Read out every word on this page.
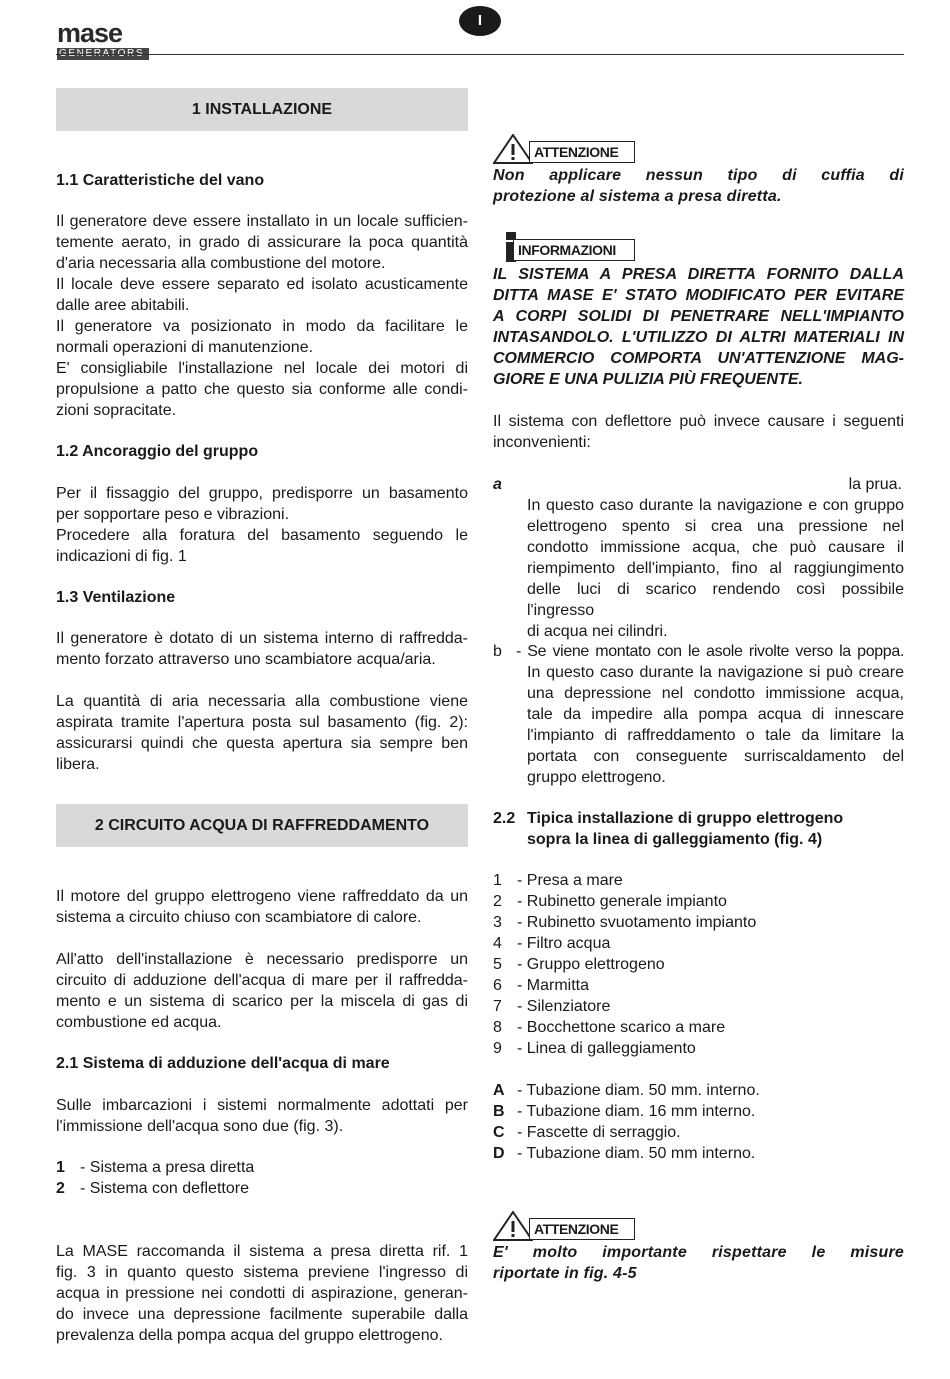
mase
GENERATORS
I
1 INSTALLAZIONE
1.1 Caratteristiche del vano
Il generatore deve essere installato in un locale sufficien-
temente aerato, in grado di assicurare la poca quantità
d'aria necessaria alla combustione del motore.
Il locale deve essere separato ed isolato acusticamente
dalle aree abitabili.
Il generatore va posizionato in modo da facilitare le
normali operazioni di manutenzione.
E' consigliabile l'installazione nel locale dei motori di
propulsione a patto che questo sia conforme alle condi-
zioni sopracitate.
1.2 Ancoraggio del gruppo
Per il fissaggio del gruppo, predisporre un basamento
per sopportare peso e vibrazioni.
Procedere alla foratura del basamento seguendo le
indicazioni di fig. 1
1.3 Ventilazione
Il generatore è dotato di un sistema interno di raffredda-
mento forzato attraverso uno scambiatore acqua/aria.
La quantità di aria necessaria alla combustione viene
aspirata tramite l'apertura posta sul basamento (fig. 2):
assicurarsi quindi che questa apertura sia sempre ben
libera.
2 CIRCUITO ACQUA DI RAFFREDDAMENTO
Il motore del gruppo elettrogeno viene raffreddato da un
sistema a circuito chiuso con scambiatore di calore.
All'atto dell'installazione è necessario predisporre un
circuito di adduzione dell'acqua di mare per il raffredda-
mento e un sistema di scarico per la miscela di gas di
combustione ed acqua.
2.1 Sistema di adduzione dell'acqua di mare
Sulle imbarcazioni i sistemi normalmente adottati per
l'immissione dell'acqua sono due (fig. 3).
1 - Sistema a presa diretta
2 - Sistema con deflettore
La MASE raccomanda il sistema a presa diretta rif. 1
fig. 3 in quanto questo sistema previene l'ingresso di
acqua in pressione nei condotti di aspirazione, generan-
do invece una depressione facilmente superabile dalla
prevalenza della pompa acqua del gruppo elettrogeno.
ATTENZIONE
Non applicare nessun tipo di cuffia di
protezione al sistema a presa diretta.
INFORMAZIONI
IL SISTEMA A PRESA DIRETTA FORNITO DALLA
DITTA MASE E' STATO MODIFICATO PER EVITARE
A CORPI SOLIDI DI PENETRARE NELL'IMPIANTO
INTASANDOLO. L'UTILIZZO DI ALTRI MATERIALI IN
COMMERCIO COMPORTA UN'ATTENZIONE MAG-
GIORE E UNA PULIZIA PIÙ FREQUENTE.
Il sistema con deflettore può invece causare i seguenti
inconvenienti:
a	la prua.
In questo caso durante la navigazione e con gruppo
elettrogeno spento si crea una pressione nel
condotto immissione acqua, che può causare il
riempimento dell'impianto, fino al raggiungimento
delle luci di scarico rendendo così possibile l'ingresso
di acqua nei cilindri.
b - Se viene montato con le asole rivolte verso la poppa.
In questo caso durante la navigazione si può creare
una depressione nel condotto immissione acqua,
tale da impedire alla pompa acqua di innescare
l'impianto di raffreddamento o tale da limitare la
portata con conseguente surriscaldamento del
gruppo elettrogeno.
2.2 Tipica installazione di gruppo elettrogeno
sopra la linea di galleggiamento (fig. 4)
1 - Presa a mare
2 - Rubinetto generale impianto
3 - Rubinetto svuotamento impianto
4 - Filtro acqua
5 - Gruppo elettrogeno
6 - Marmitta
7 - Silenziatore
8 - Bocchettone scarico a mare
9 - Linea di galleggiamento
A - Tubazione diam. 50 mm. interno.
B - Tubazione diam. 16 mm interno.
C - Fascette di serraggio.
D - Tubazione diam. 50 mm interno.
ATTENZIONE
E' molto importante rispettare le misure
riportate in fig. 4-5
